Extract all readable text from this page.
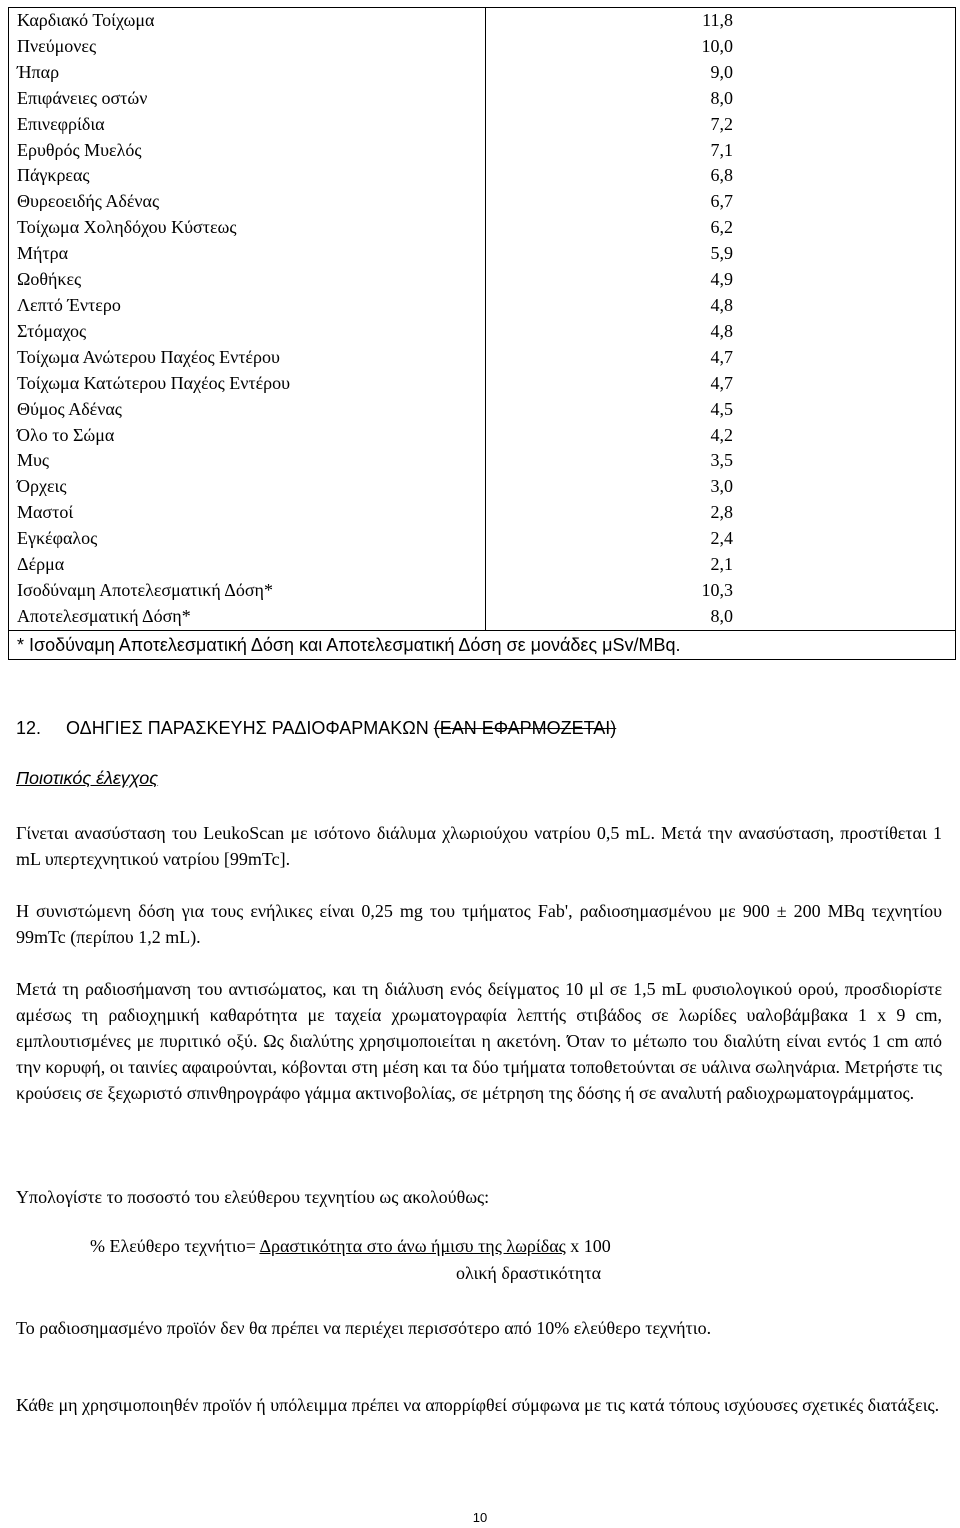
Καρδιακό Τοίχωμα	11,8
Πνεύμονες	10,0
Ήπαρ	9,0
Επιφάνειες οστών	8,0
Επινεφρίδια	7,2
Ερυθρός Μυελός	7,1
Πάγκρεας	6,8
Θυρεοειδής Αδένας	6,7
Τοίχωμα Χοληδόχου Κύστεως	6,2
Μήτρα	5,9
Ωοθήκες	4,9
Λεπτό Έντερο	4,8
Στόμαχος	4,8
Τοίχωμα Ανώτερου Παχέος Εντέρου	4,7
Τοίχωμα Κατώτερου Παχέος Εντέρου	4,7
Θύμος Αδένας	4,5
Όλο το Σώμα	4,2
Μυς	3,5
Όρχεις	3,0
Μαστοί	2,8
Εγκέφαλος	2,4
Δέρμα	2,1
Ισοδύναμη Αποτελεσματική Δόση*	10,3
Αποτελεσματική Δόση*	8,0
* Ισοδύναμη Αποτελεσματική Δόση και Αποτελεσματική Δόση σε μονάδες μSv/MBq.	
12. ΟΔΗΓΙΕΣ ΠΑΡΑΣΚΕΥΗΣ ΡΑΔΙΟΦΑΡΜΑΚΩΝ (ΕΑΝ ΕΦΑΡΜΟΖΕΤΑΙ)
Ποιοτικός έλεγχος

Γίνεται ανασύσταση του LeukoScan με ισότονο διάλυμα χλωριούχου νατρίου 0,5 mL. Μετά την ανασύσταση, προστίθεται 1 mL υπερτεχνητικού νατρίου [99mTc].

Η συνιστώμενη δόση για τους ενήλικες είναι 0,25 mg του τμήματος Fab', ραδιοσημασμένου με 900 ± 200 MBq τεχνητίου 99mTc (περίπου 1,2 mL).

Μετά τη ραδιοσήμανση του αντισώματος, και τη διάλυση ενός δείγματος 10 μl σε 1,5 mL φυσιολογικού ορού, προσδιορίστε αμέσως τη ραδιοχημική καθαρότητα με ταχεία χρωματογραφία λεπτής στιβάδος σε λωρίδες υαλοβάμβακα 1 x 9 cm, εμπλουτισμένες με πυριτικό οξύ. Ως διαλύτης χρησιμοποιείται η ακετόνη. Όταν το μέτωπο του διαλύτη είναι εντός 1 cm από την κορυφή, οι ταινίες αφαιρούνται, κόβονται στη μέση και τα δύο τμήματα τοποθετούνται σε υάλινα σωληνάρια. Μετρήστε τις κρούσεις σε ξεχωριστό σπινθηρογράφο γάμμα ακτινοβολίας, σε μέτρηση της δόσης ή σε αναλυτή ραδιοχρωματογράμματος.

Υπολογίστε το ποσοστό του ελεύθερου τεχνητίου ως ακολούθως:

% Ελεύθερο τεχνήτιο= Δραστικότητα στο άνω ήμισυ της λωρίδας x 100
ολική δραστικότητα

Το ραδιοσημασμένο προϊόν δεν θα πρέπει να περιέχει περισσότερο από 10% ελεύθερο τεχνήτιο.

Κάθε μη χρησιμοποιηθέν προϊόν ή υπόλειμμα πρέπει να απορρίφθεί σύμφωνα με τις κατά τόπους ισχύουσες σχετικές διατάξεις.

10
